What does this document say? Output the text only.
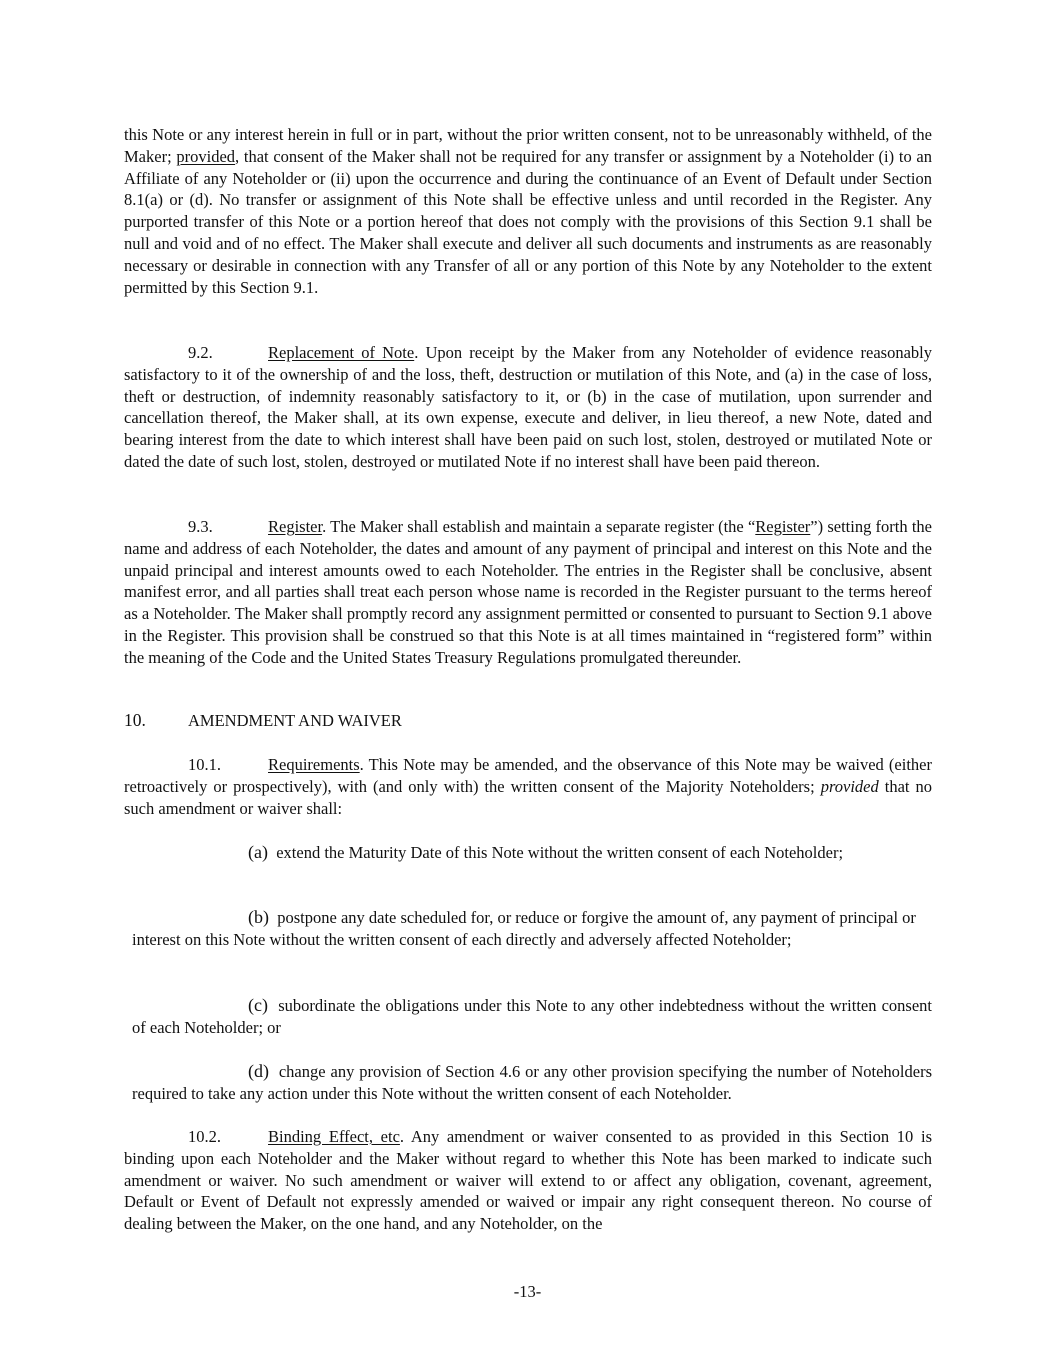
this Note or any interest herein in full or in part, without the prior written consent, not to be unreasonably withheld, of the Maker; provided, that consent of the Maker shall not be required for any transfer or assignment by a Noteholder (i) to an Affiliate of any Noteholder or (ii) upon the occurrence and during the continuance of an Event of Default under Section 8.1(a) or (d). No transfer or assignment of this Note shall be effective unless and until recorded in the Register. Any purported transfer of this Note or a portion hereof that does not comply with the provisions of this Section 9.1 shall be null and void and of no effect. The Maker shall execute and deliver all such documents and instruments as are reasonably necessary or desirable in connection with any Transfer of all or any portion of this Note by any Noteholder to the extent permitted by this Section 9.1.

9.2.	Replacement of Note. Upon receipt by the Maker from any Noteholder of evidence reasonably satisfactory to it of the ownership of and the loss, theft, destruction or mutilation of this Note, and (a) in the case of loss, theft or destruction, of indemnity reasonably satisfactory to it, or (b) in the case of mutilation, upon surrender and cancellation thereof, the Maker shall, at its own expense, execute and deliver, in lieu thereof, a new Note, dated and bearing interest from the date to which interest shall have been paid on such lost, stolen, destroyed or mutilated Note or dated the date of such lost, stolen, destroyed or mutilated Note if no interest shall have been paid thereon.

9.3.	Register. The Maker shall establish and maintain a separate register (the “Register”) setting forth the name and address of each Noteholder, the dates and amount of any payment of principal and interest on this Note and the unpaid principal and interest amounts owed to each Noteholder. The entries in the Register shall be conclusive, absent manifest error, and all parties shall treat each person whose name is recorded in the Register pursuant to the terms hereof as a Noteholder. The Maker shall promptly record any assignment permitted or consented to pursuant to Section 9.1 above in the Register. This provision shall be construed so that this Note is at all times maintained in “registered form” within the meaning of the Code and the United States Treasury Regulations promulgated thereunder.

10.	AMENDMENT AND WAIVER

10.1.	Requirements. This Note may be amended, and the observance of this Note may be waived (either retroactively or prospectively), with (and only with) the written consent of the Majority Noteholders; provided that no such amendment or waiver shall:

(a) extend the Maturity Date of this Note without the written consent of each Noteholder;

(b) postpone any date scheduled for, or reduce or forgive the amount of, any payment of principal or interest on this Note without the written consent of each directly and adversely affected Noteholder;

(c) subordinate the obligations under this Note to any other indebtedness without the written consent of each Noteholder; or

(d) change any provision of Section 4.6 or any other provision specifying the number of Noteholders required to take any action under this Note without the written consent of each Noteholder.

10.2.	Binding Effect, etc. Any amendment or waiver consented to as provided in this Section 10 is binding upon each Noteholder and the Maker without regard to whether this Note has been marked to indicate such amendment or waiver. No such amendment or waiver will extend to or affect any obligation, covenant, agreement, Default or Event of Default not expressly amended or waived or impair any right consequent thereon. No course of dealing between the Maker, on the one hand, and any Noteholder, on the

-13-
